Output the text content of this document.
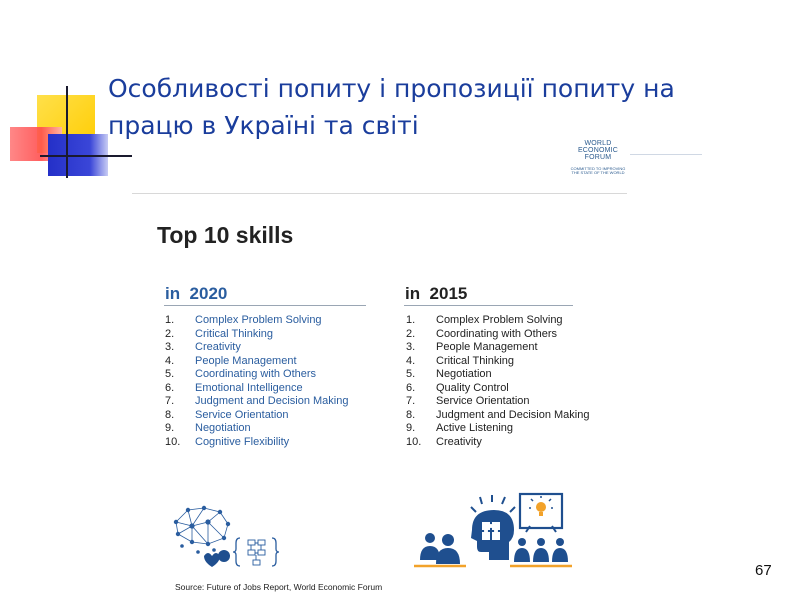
Особливості попиту і пропозиції попиту на працю в Україні та світі
WORLD
ECONOMIC
FORUM
COMMITTED TO IMPROVING THE STATE OF THE WORLD
Top 10 skills
in  2020
1. Complex Problem Solving
2. Critical Thinking
3. Creativity
4. People Management
5. Coordinating with Others
6. Emotional Intelligence
7. Judgment and Decision Making
8. Service Orientation
9. Negotiation
10. Cognitive Flexibility
in  2015
1. Complex Problem Solving
2. Coordinating with Others
3. People Management
4. Critical Thinking
5. Negotiation
6. Quality Control
7. Service Orientation
8. Judgment and Decision Making
9. Active Listening
10. Creativity
Source: Future of Jobs Report, World Economic Forum
67
